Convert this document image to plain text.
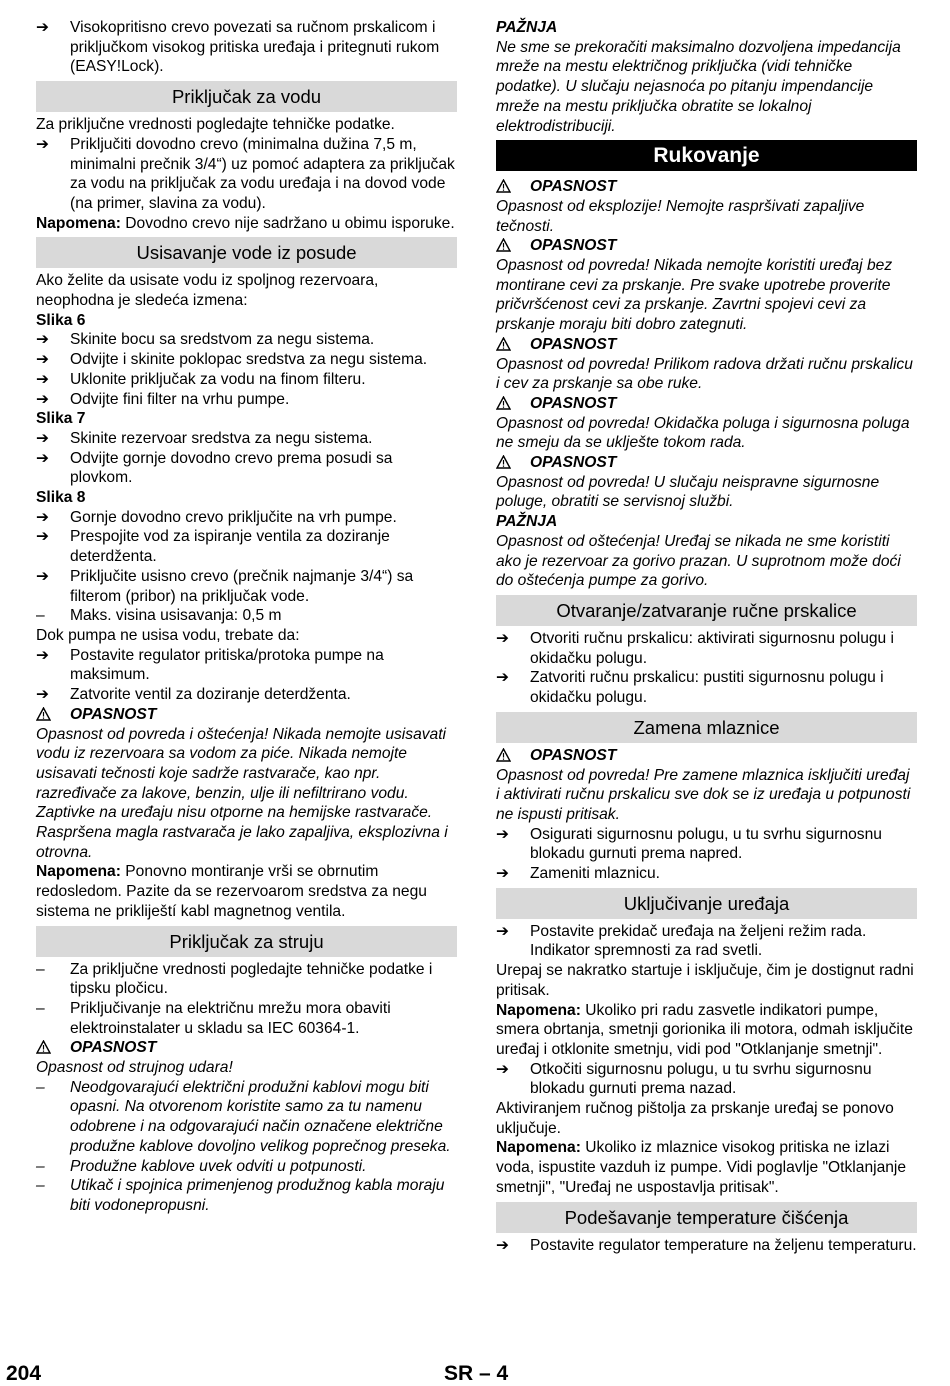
➔	Visokopritisno crevo povezati sa ručnom prskalicom i priključkom visokog pritiska uređaja i pritegnuti rukom (EASY!Lock).
Priključak za vodu

Za priključne vrednosti pogledajte tehničke podatke.

➔	Priključiti dovodno crevo (minimalna dužina 7,5 m, minimalni prečnik 3/4“) uz pomoć adaptera za priključak za vodu na priključak za vodu uređaja i na dovod vode (na primer, slavina za vodu).

Napomena: Dovodno crevo nije sadržano u obimu isporuke.

Usisavanje vode iz posude

Ako želite da usisate vodu iz spoljnog rezervoara, neophodna je sledeća izmena:

Slika 6

➔	Skinite bocu sa sredstvom za negu sistema.
➔	Odvijte i skinite poklopac sredstva za negu sistema.
➔	Uklonite priključak za vodu na finom filteru.
➔	Odvijte fini filter na vrhu pumpe.

Slika 7

➔	Skinite rezervoar sredstva za negu sistema.
➔	Odvijte gornje dovodno crevo prema posudi sa plovkom.

Slika 8

➔	Gornje dovodno crevo priključite na vrh pumpe.
➔	Prespojite vod za ispiranje ventila za doziranje deterdženta.
➔	Priključite usisno crevo (prečnik najmanje 3/4“) sa filterom (pribor) na priključak vode.
–	Maks. visina usisavanja: 0,5 m

Dok pumpa ne usisa vodu, trebate da:

➔	Postavite regulator pritiska/protoka pumpe na maksimum.
➔	Zatvorite ventil za doziranje deterdženta.

OPASNOST

Opasnost od povreda i oštećenja! Nikada nemojte usisavati vodu iz rezervoara sa vodom za piće. Nikada nemojte usisavati tečnosti koje sadrže rastvarače, kao npr. razređivače za lakove, benzin, ulje ili nefiltrirano vodu. Zaptivke na uređaju nisu otporne na hemijske rastvarače. Raspršena magla rastvarača je lako zapaljiva, eksplozivna i otrovna.

Napomena: Ponovno montiranje vrši se obrnutim redosledom. Pazite da se rezervoarom sredstva za negu sistema ne prikliještí kabl magnetnog ventila.

Priključak za struju
–	Za priključne vrednosti pogledajte tehničke podatke i tipsku pločicu.
–	Priključivanje na električnu mrežu mora obaviti elektroinstalater u skladu sa IEC 60364-1.

OPASNOST

Opasnost od strujnog udara!

–	Neodgovarajući električni produžni kablovi mogu biti opasni. Na otvorenom koristite samo za tu namenu odobrene i na odgovarajući način označene električne produžne kablove dovoljno velikog poprečnog preseka.
–	Produžne kablove uvek odviti u potpunosti.
–	Utikač i spojnica primenjenog produžnog kabla moraju biti vodonepropusni.

PAŽNJA

Ne sme se prekoračiti maksimalno dozvoljena impedancija mreže na mestu električnog priključka (vidi tehničke podatke). U slučaju nejasnoća po pitanju impendancije mreže na mestu priključka obratite se lokalnoj elektrodistribuciji.

Rukovanje

OPASNOST

Opasnost od eksplozije! Nemojte raspršivati zapaljive tečnosti.

OPASNOST

Opasnost od povreda! Nikada nemojte koristiti uređaj bez montirane cevi za prskanje. Pre svake upotrebe proverite pričvršćenost cevi za prskanje. Zavrtni spojevi cevi za prskanje moraju biti dobro zategnuti.

OPASNOST

Opasnost od povreda! Prilikom radova držati ručnu prskalicu i cev za prskanje sa obe ruke.

OPASNOST

Opasnost od povreda! Okidačka poluga i sigurnosna poluga ne smeju da se uklještе tokom rada.

OPASNOST

Opasnost od povreda! U slučaju neispravne sigurnosne poluge, obratiti se servisnoj službi.

PAŽNJA

Opasnost od oštećenja! Uređaj se nikada ne sme koristiti ako je rezervoar za gorivo prazan. U suprotnom može doći do oštećenja pumpe za gorivo.

Otvaranje/zatvaranje ručne prskalice
➔	Otvoriti ručnu prskalicu: aktivirati sigurnosnu polugu i okidačku polugu.
➔	Zatvoriti ručnu prskalicu: pustiti sigurnosnu polugu i okidačku polugu.
Zamena mlaznice

OPASNOST

Opasnost od povreda! Pre zamene mlaznica isključiti uređaj i aktivirati ručnu prskalicu sve dok se iz uređaja u potpunosti ne ispusti pritisak.

➔	Osigurati sigurnosnu polugu, u tu svrhu sigurnosnu blokadu gurnuti prema napred.
➔	Zameniti mlaznicu.
Uključivanje uređaja
➔	Postavite prekidač uređaja na željeni režim rada. Indikator spremnosti za rad svetli.

Urepaj se nakratko startuje i isključuje, čim je dostignut radni pritisak.

Napomena: Ukoliko pri radu zasvetle indikatori pumpe, smera obrtanja, smetnji gorionika ili motora, odmah isključite uređaj i otklonite smetnju, vidi pod "Otklanjanje smetnji".

➔	Otkočiti sigurnosnu polugu, u tu svrhu sigurnosnu blokadu gurnuti prema nazad.

Aktiviranjem ručnog pištolja za prskanje uređaj se ponovo uključuje.

Napomena: Ukoliko iz mlaznice visokog pritiska ne izlazi voda, ispustite vazduh iz pumpe. Vidi poglavlje "Otklanjanje smetnji", "Uređaj ne uspostavlja pritisak".

Podešavanje temperature čišćenja
➔	Postavite regulator temperature na željenu temperaturu.
204	SR – 4
